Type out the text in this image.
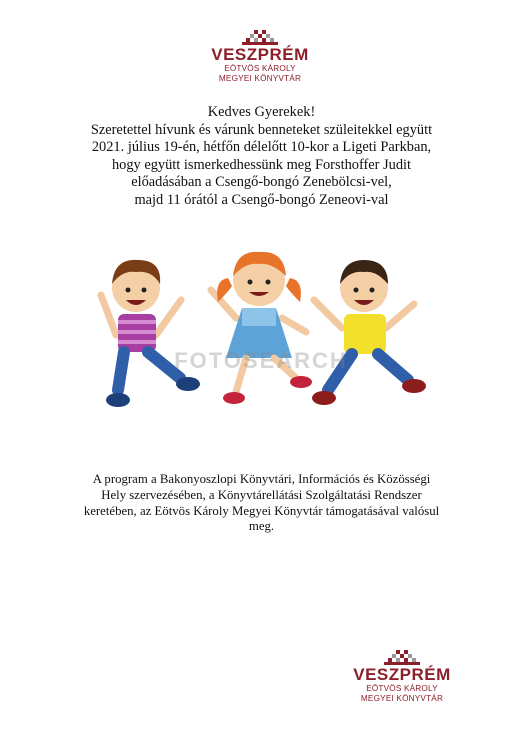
VESZPRÉM
EÖTVÖS KÁROLY
MEGYEI KÖNYVTÁR
Kedves Gyerekek!
Szeretettel hívunk és várunk benneteket szüleitekkel együtt
2021. július 19-én, hétfőn délelőtt 10-kor a Ligeti Parkban,
hogy együtt ismerkedhessünk meg Forsthoffer Judit
előadásában a Csengő-bongó Zenebölcsi-vel,
majd 11 órától a Csengő-bongó Zeneovi-val
FOTOSEARCH
A program a Bakonyoszlopi Könyvtári, Információs és Közösségi
Hely szervezésében, a Könyvtárellátási Szolgáltatási Rendszer
keretében, az Eötvös Károly Megyei Könyvtár támogatásával valósul
meg.
VESZPRÉM
EÖTVÖS KÁROLY
MEGYEI KÖNYVTÁR
